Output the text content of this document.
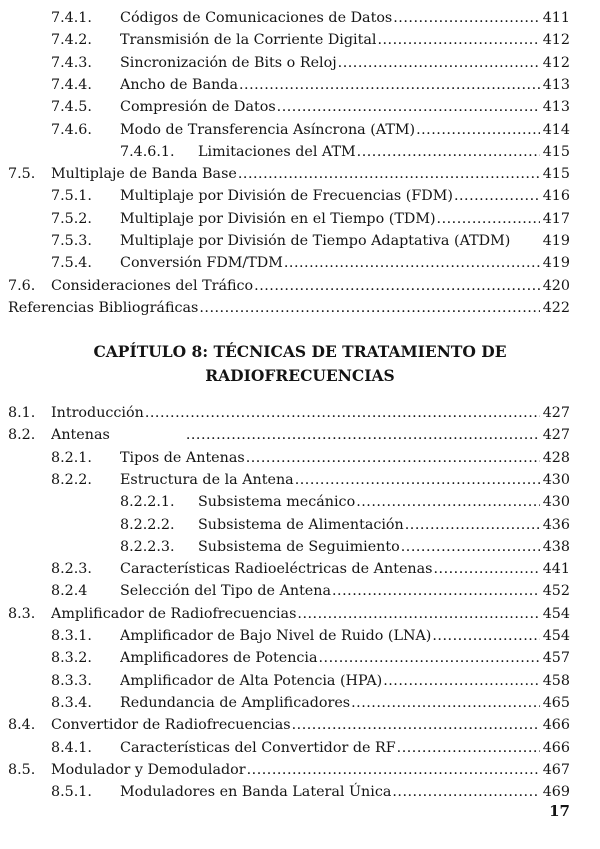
7.4.1. Códigos de Comunicaciones de Datos .....	411
7.4.2. Transmisión de la Corriente Digital .....	412
7.4.3. Sincronización de Bits o Reloj .....	412
7.4.4. Ancho de Banda .....	413
7.4.5. Compresión de Datos .....	413
7.4.6. Modo de Transferencia Asíncrona (ATM) .....	414
7.4.6.1. Limitaciones del ATM .....	415
7.5. Multiplaje de Banda Base .....	415
7.5.1. Multiplaje por División de Frecuencias (FDM) .....	416
7.5.2. Multiplaje por División en el Tiempo (TDM) .....	417
7.5.3. Multiplaje por División de Tiempo Adaptativa (ATDM) 419
7.5.4. Conversión FDM/TDM .....	419
7.6. Consideraciones del Tráfico .....	420
Referencias Bibliográficas .....	422
CAPÍTULO 8: TÉCNICAS DE TRATAMIENTO DE
RADIOFRECUENCIAS
8.1. Introducción .....	427
8.2. Antenas .....	427
8.2.1. Tipos de Antenas .....	428
8.2.2. Estructura de la Antena .....	430
8.2.2.1. Subsistema mecánico .....	430
8.2.2.2. Subsistema de Alimentación .....	436
8.2.2.3. Subsistema de Seguimiento .....	438
8.2.3. Características Radioeléctricas de Antenas .....	441
8.2.4 Selección del Tipo de Antena .....	452
8.3. Amplificador de Radiofrecuencias .....	454
8.3.1. Amplificador de Bajo Nivel de Ruido (LNA) .....	454
8.3.2. Amplificadores de Potencia .....	457
8.3.3. Amplificador de Alta Potencia (HPA) .....	458
8.3.4. Redundancia de Amplificadores .....	465
8.4. Convertidor de Radiofrecuencias .....	466
8.4.1. Características del Convertidor de RF .....	466
8.5. Modulador y Demodulador .....	467
8.5.1. Moduladores en Banda Lateral Única .....	469
17
